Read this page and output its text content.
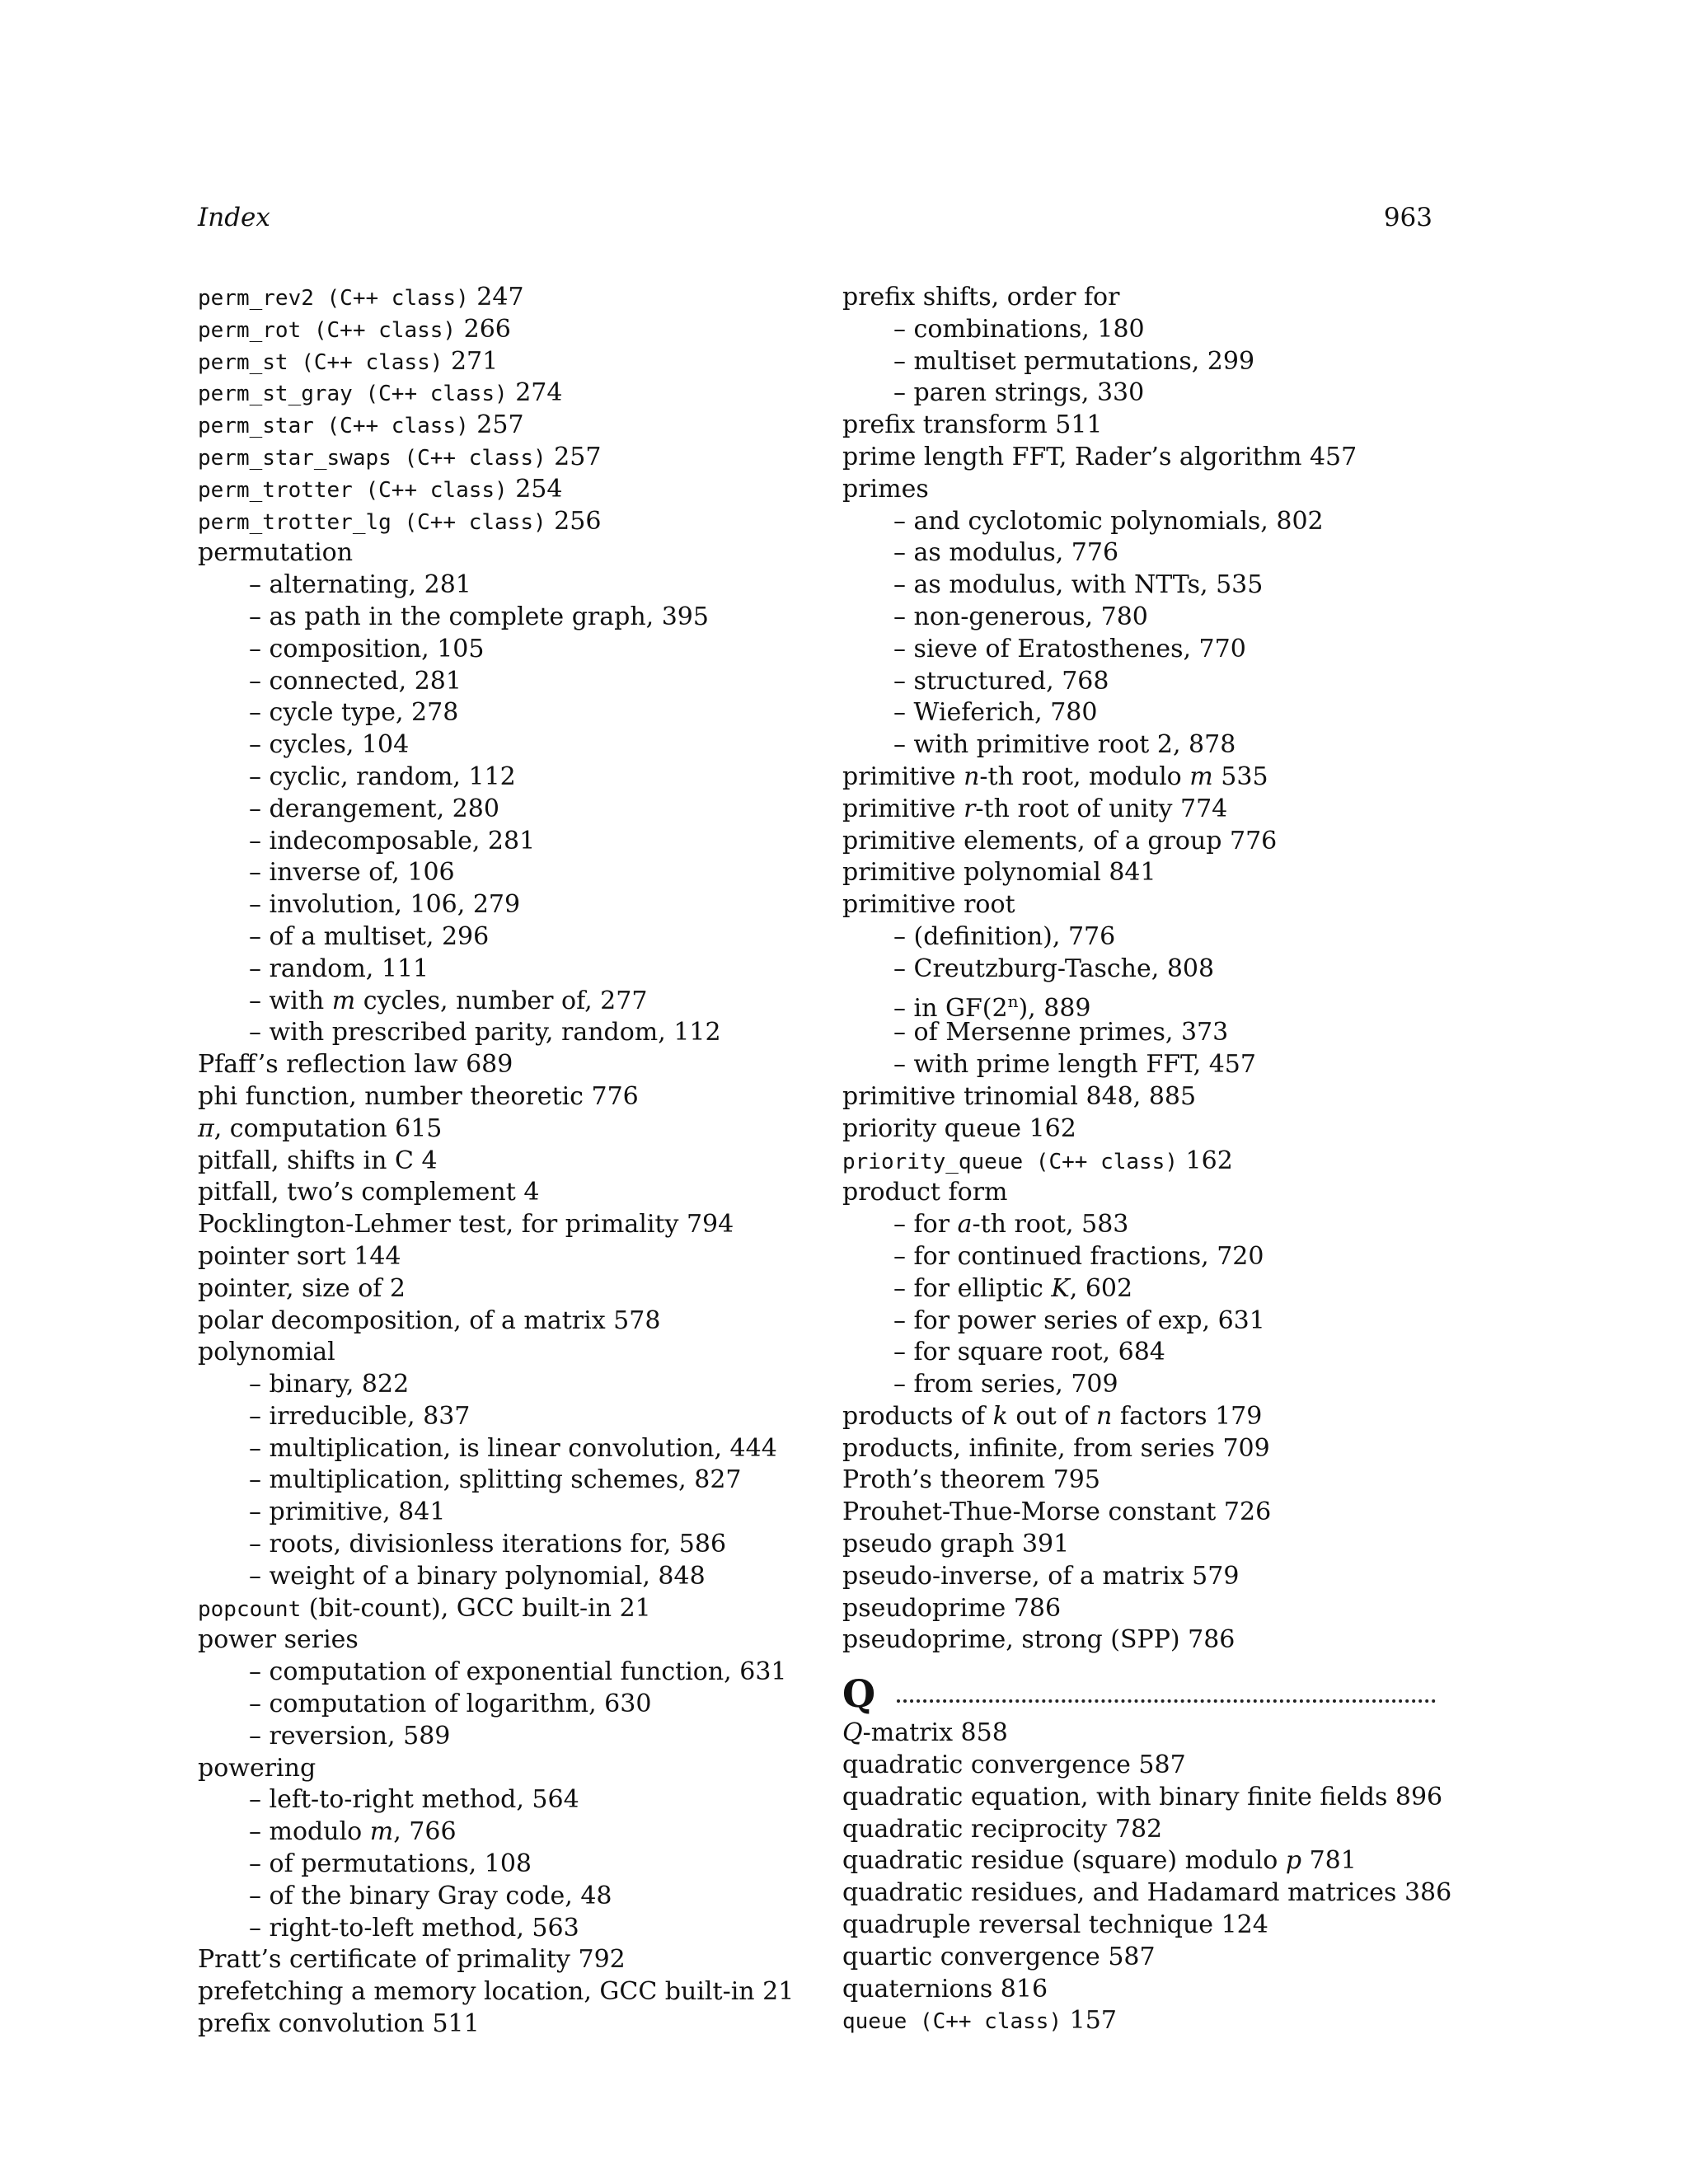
Index	963
perm_rev2 (C++ class) 247
perm_rot (C++ class) 266
perm_st (C++ class) 271
perm_st_gray (C++ class) 274
perm_star (C++ class) 257
perm_star_swaps (C++ class) 257
perm_trotter (C++ class) 254
perm_trotter_lg (C++ class) 256
permutation
– alternating, 281
– as path in the complete graph, 395
– composition, 105
– connected, 281
– cycle type, 278
– cycles, 104
– cyclic, random, 112
– derangement, 280
– indecomposable, 281
– inverse of, 106
– involution, 106, 279
– of a multiset, 296
– random, 111
– with m cycles, number of, 277
– with prescribed parity, random, 112
Pfaff’s reflection law 689
phi function, number theoretic 776
π, computation 615
pitfall, shifts in C 4
pitfall, two’s complement 4
Pocklington-Lehmer test, for primality 794
pointer sort 144
pointer, size of 2
polar decomposition, of a matrix 578
polynomial
– binary, 822
– irreducible, 837
– multiplication, is linear convolution, 444
– multiplication, splitting schemes, 827
– primitive, 841
– roots, divisionless iterations for, 586
– weight of a binary polynomial, 848
popcount (bit-count), GCC built-in 21
power series
– computation of exponential function, 631
– computation of logarithm, 630
– reversion, 589
powering
– left-to-right method, 564
– modulo m, 766
– of permutations, 108
– of the binary Gray code, 48
– right-to-left method, 563
Pratt’s certificate of primality 792
prefetching a memory location, GCC built-in 21
prefix convolution 511
prefix shifts, order for
– combinations, 180
– multiset permutations, 299
– paren strings, 330
prefix transform 511
prime length FFT, Rader’s algorithm 457
primes
– and cyclotomic polynomials, 802
– as modulus, 776
– as modulus, with NTTs, 535
– non-generous, 780
– sieve of Eratosthenes, 770
– structured, 768
– Wieferich, 780
– with primitive root 2, 878
primitive n-th root, modulo m 535
primitive r-th root of unity 774
primitive elements, of a group 776
primitive polynomial 841
primitive root
– (definition), 776
– Creutzburg-Tasche, 808
– in GF(2$^n$), 889
– of Mersenne primes, 373
– with prime length FFT, 457
primitive trinomial 848, 885
priority queue 162
priority_queue (C++ class) 162
product form
– for a-th root, 583
– for continued fractions, 720
– for elliptic K, 602
– for power series of exp, 631
– for square root, 684
– from series, 709
products of k out of n factors 179
products, infinite, from series 709
Proth’s theorem 795
Prouhet-Thue-Morse constant 726
pseudo graph 391
pseudo-inverse, of a matrix 579
pseudoprime 786
pseudoprime, strong (SPP) 786
Q
Q-matrix 858
quadratic convergence 587
quadratic equation, with binary finite fields 896
quadratic reciprocity 782
quadratic residue (square) modulo p 781
quadratic residues, and Hadamard matrices 386
quadruple reversal technique 124
quartic convergence 587
quaternions 816
queue (C++ class) 157
